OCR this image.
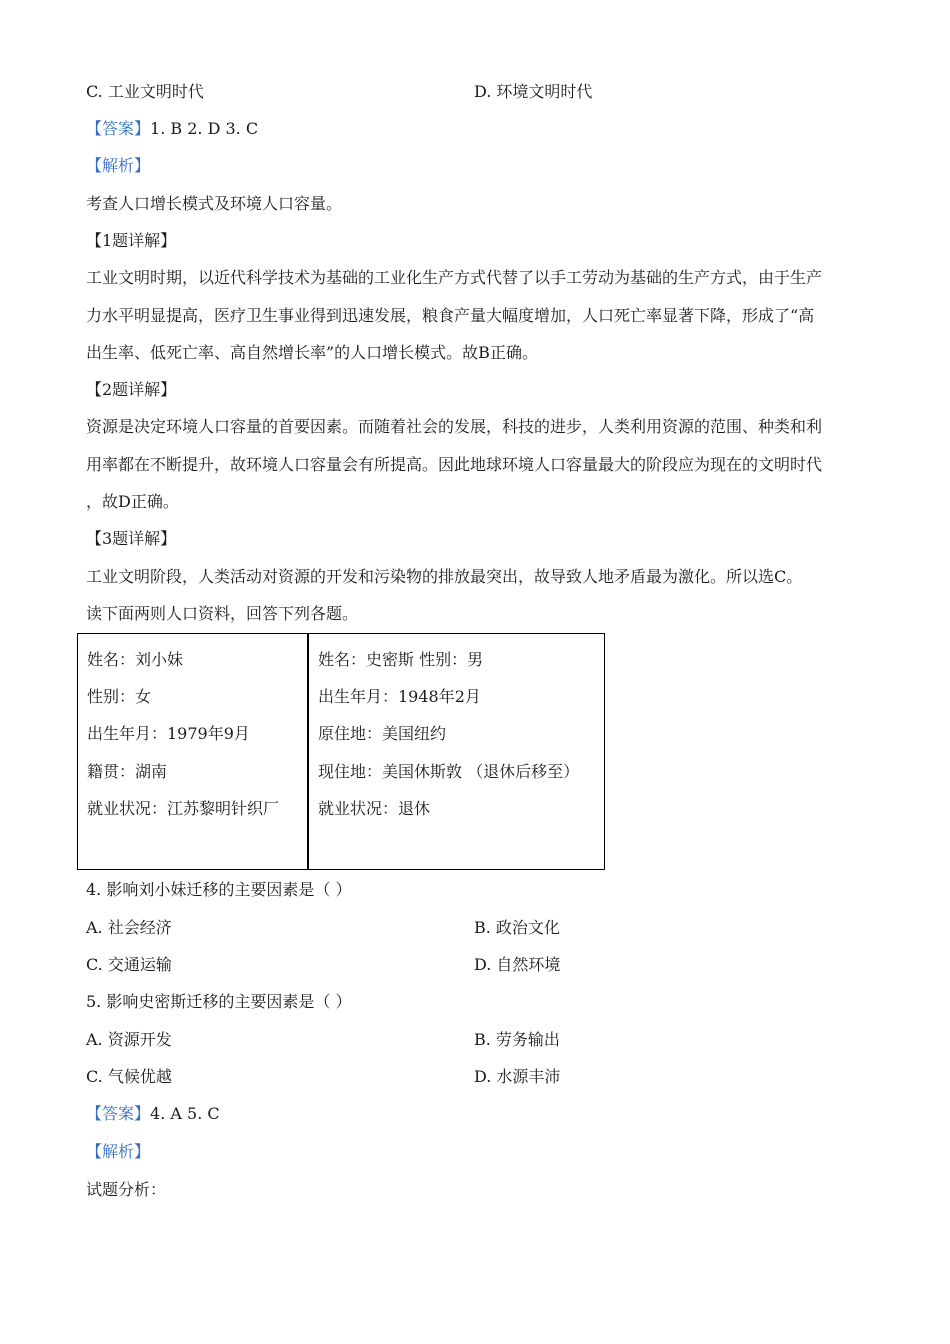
C. 工业文明时代	D. 环境文明时代
【答案】1. B 2. D 3. C
【解析】
考查人口增长模式及环境人口容量。
【1题详解】
工业文明时期，以近代科学技术为基础的工业化生产方式代替了以手工劳动为基础的生产方式，由于生产
力水平明显提高，医疗卫生事业得到迅速发展，粮食产量大幅度增加，人口死亡率显著下降，形成了“高
出生率、低死亡率、高自然增长率”的人口增长模式。故B正确。
【2题详解】
资源是决定环境人口容量的首要因素。而随着社会的发展，科技的进步，人类利用资源的范围、种类和利
用率都在不断提升，故环境人口容量会有所提高。因此地球环境人口容量最大的阶段应为现在的文明时代
，故D正确。
【3题详解】
工业文明阶段，人类活动对资源的开发和污染物的排放最突出，故导致人地矛盾最为激化。所以选C。
读下面两则人口资料，回答下列各题。
姓名：刘小妹
性别：女
出生年月：1979年9月
籍贯：湖南
就业状况：江苏黎明针织厂
姓名：史密斯 性别：男
出生年月：1948年2月
原住地：美国纽约
现住地：美国休斯敦 （退休后移至）
就业状况：退休
4. 影响刘小妹迁移的主要因素是（ ）
A. 社会经济	B. 政治文化
C. 交通运输	D. 自然环境
5. 影响史密斯迁移的主要因素是（ ）
A. 资源开发	B. 劳务输出
C. 气候优越	D. 水源丰沛
【答案】4. A 5. C
【解析】
试题分析：
